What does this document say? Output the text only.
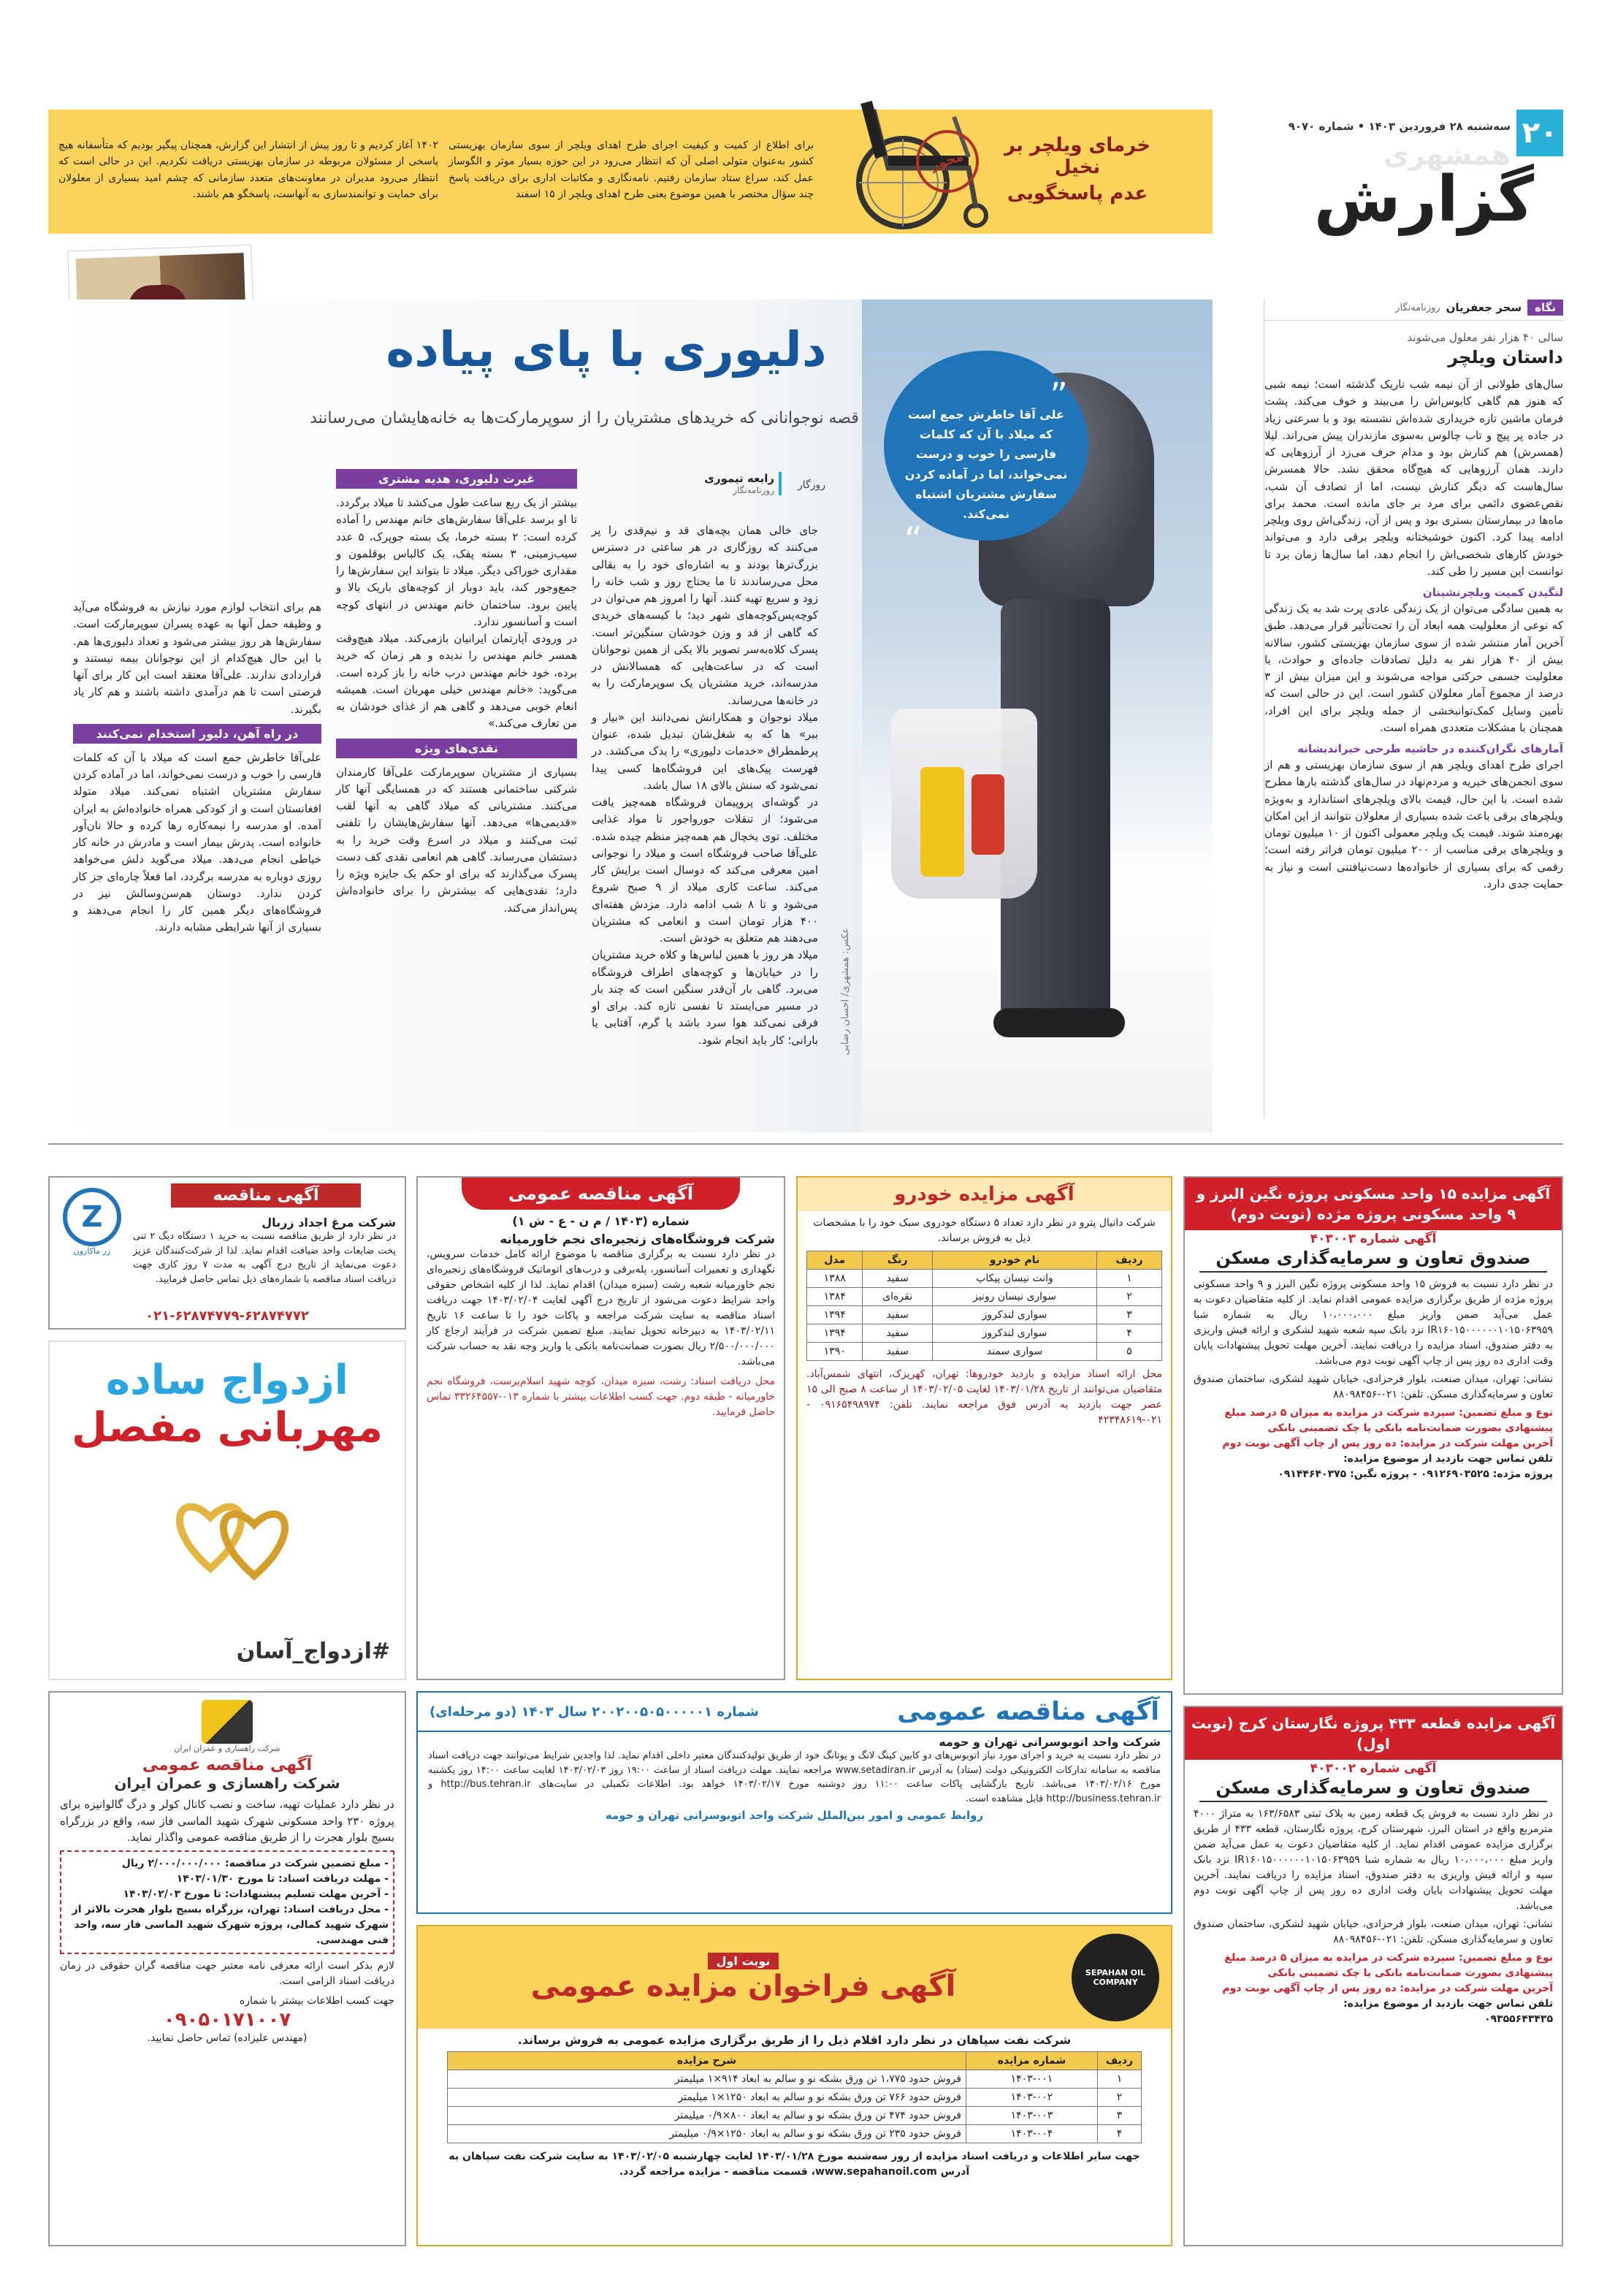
۲۰
سه‌شنبه ۲۸ فروردین ۱۴۰۳ • شماره ۹۰۷۰
همشهری
گزارش

۱۴۰۲ آغاز کردیم و تا روز پیش از انتشار این گزارش، همچنان پیگیر بودیم که متأسفانه هیچ پاسخی از مسئولان مربوطه در سازمان بهزیستی دریافت نکردیم. این در حالی است که انتظار می‌رود مدیران در معاونت‌های متعدد سازمانی که چشم امید بسیاری از معلولان برای حمایت و توانمندسازی به آنهاست، پاسخگو هم باشند.

برای اطلاع از کمیت و کیفیت اجرای طرح اهدای ویلچر از سوی سازمان بهزیستی کشور به‌عنوان متولی اصلی آن که انتظار می‌رود در این حوزه بسیار موثر و الگوساز عمل کند، سراغ ستاد سازمان رفتیم. نامه‌نگاری و مکاتبات اداری برای دریافت پاسخ چند سؤال مختصر با همین موضوع یعنی طرح اهدای ویلچر از ۱۵ اسفند

خرمای ویلچر بر نخیل
عدم پاسخگویی
محور
عکس: همشهری/ احسان رضایی
”

علی آقا خاطرش جمع است که میلاد با آن که کلمات فارسی را خوب و درست نمی‌خواند، اما در آماده کردن سفارش مشتریان اشتباه نمی‌کند.

“
دلیوری با پای پیاده
قصه نوجوانانی که خریدهای مشتریان را از سوپرمارکت‌ها به خانه‌هایشان می‌رسانند
روزگار
رابعه تیموری
روزنامه‌نگار

جای خالی همان بچه‌های قد و نیم‌قدی را پر می‌کنند که روزگاری در هر ساعتی در دسترس بزرگ‌ترها بودند و به اشاره‌ای خود را به بقالی محل می‌رساندند تا ما‌ یحتاج روز و شب خانه را زود و سریع تهیه کنند. آنها را امروز هم می‌توان در کوچه‌پس‌کوچه‌های شهر دید؛ با کیسه‌های خریدی که گاهی از قد و وزن خودشان سنگین‌تر است. پسرک کلاه‌به‌سر تصویر بالا یکی از همین نوجوانان است که در ساعت‌هایی که همسالانش در مدرسه‌اند، خرید مشتریان یک سوپرمارکت را به در خانه‌ها می‌رساند.

میلاد نوجوان و همکارانش نمی‌دانند این «بیار و ببر» ها که به شغل‌شان تبدیل شده، عنوان پرطمطراق «خدمات دلیوری» را یدک می‌کشد. در فهرست پیک‌های این فروشگاه‌ها کسی پیدا نمی‌شود که سنش بالای ۱۸ سال باشد.

در گوشه‌ای پروپیمان فروشگاه همه‌چیز یافت می‌شود؛ از تنقلات جورواجور تا مواد غذایی مختلف. توی یخچال هم همه‌چیز منظم چیده شده. علی‌آقا صاحب فروشگاه است و میلاد را نوجوانی امین معرفی می‌کند که دوسال است برایش کار می‌کند. ساعت کاری میلاد از ۹ صبح شروع می‌شود و تا ۸ شب ادامه دارد. مزدش هفته‌ای ۴۰۰ هزار تومان است و انعامی که مشتریان می‌دهند هم متعلق به خودش است.

میلاد هر روز با همین لباس‌ها و کلاه خرید مشتریان را در خیابان‌ها و کوچه‌های اطراف فروشگاه می‌برد. گاهی بار آن‌قدر سنگین است که چند بار در مسیر می‌ایستد تا نفسی تازه کند. برای او فرقی نمی‌کند هوا سرد باشد یا گرم، آفتابی یا بارانی؛ کار باید انجام شود.

غیرت دلیوری، هدیه مشتری

بیشتر از یک ربع ساعت طول می‌کشد تا میلاد برگردد. تا او برسد علی‌آقا سفارش‌های خانم مهندس را آماده کرده است: ۲ بسته خرما، یک بسته جوپرک، ۵ عدد سیب‌زمینی، ۳ بسته پفک، یک کالباس بوقلمون و مقداری خوراکی دیگر. میلاد تا بتواند این سفارش‌ها را جمع‌وجور کند، باید دوبار از کوچه‌های باریک بالا و پایین برود. ساختمان خانم مهندس در انتهای کوچه است و آسانسور ندارد.

در ورودی آپارتمان ایرانیان بازمی‌کند. میلاد هیچ‌وقت همسر خانم مهندس را ندیده و هر زمان که خرید برده، خود خانم مهندس درب خانه را باز کرده است. می‌گوید: «خانم مهندس خیلی مهربان است. همیشه انعام خوبی می‌دهد و گاهی هم از غذای خودشان به من تعارف می‌کند.»

نقدی‌های ویژه

بسیاری از مشتریان سوپرمارکت علی‌آقا کارمندان شرکتی ساختمانی هستند که در همسایگی آنها کار می‌کنند. مشتریانی که میلاد گاهی به آنها لقب «قدیمی‌ها» می‌دهد. آنها سفارش‌هایشان را تلفنی ثبت می‌کنند و میلاد در اسرع وقت خرید را به دستشان می‌رساند. گاهی هم انعامی نقدی کف دست پسرک می‌گذارند که برای او حکم یک جایزه ویژه را دارد؛ نقدی‌هایی که بیشترش را برای خانواده‌اش پس‌انداز می‌کند.

هم برای انتخاب لوازم مورد نیازش به فروشگاه می‌آید و وظیفه حمل آنها به عهده پسران سوپرمارکت است. سفارش‌ها هر روز بیشتر می‌شود و تعداد دلیوری‌ها هم. با این حال هیچ‌کدام از این نوجوانان بیمه نیستند و قراردادی ندارند. علی‌آقا معتقد است این کار برای آنها فرصتی است تا هم درآمدی داشته باشند و هم کار یاد بگیرند.

در راه آهن، دلیور استخدام نمی‌کنند

علی‌آقا خاطرش جمع است که میلاد با آن که کلمات فارسی را خوب و درست نمی‌خواند، اما در آماده کردن سفارش مشتریان اشتباه نمی‌کند. میلاد متولد افغانستان است و از کودکی همراه خانواده‌اش به ایران آمده. او مدرسه را نیمه‌کاره رها کرده و حالا نان‌آور خانواده است. پدرش بیمار است و مادرش در خانه کار خیاطی انجام می‌دهد. میلاد می‌گوید دلش می‌خواهد روزی دوباره به مدرسه برگردد، اما فعلاً چاره‌ای جز کار کردن ندارد. دوستان هم‌سن‌وسالش نیز در فروشگاه‌های دیگر همین کار را انجام می‌دهند و بسیاری از آنها شرایطی مشابه دارند.

نگاه
سحر جعفریان
روزنامه‌نگار
سالی ۴۰ هزار نفر معلول می‌شوند
داستان ویلچر

سال‌های طولانی از آن نیمه شب تاریک گذشته است؛ نیمه شبی که هنوز هم گاهی کابوس‌اش را می‌بیند و خوف می‌کند. پشت فرمان ماشین تازه خریداری شده‌اش نشسته بود و با سرعتی زیاد در جاده پر پیچ و تاب چالوس به‌سوی مازندران پیش می‌راند. لیلا (همسرش) هم کنارش بود و مدام حرف می‌زد از آرزوهایی که دارند. همان آرزوهایی که هیچ‌گاه محقق نشد. حالا همسرش سال‌هاست که دیگر کنارش نیست، اما از تصادف آن شب، نقص‌عضوی دائمی برای مرد بر جای مانده است. محمد برای ماه‌ها در بیمارستان بستری بود و پس از آن، زندگی‌اش روی ویلچر ادامه پیدا کرد. اکنون خوشبختانه ویلچر برقی دارد و می‌تواند خودش کارهای شخصی‌اش را انجام دهد، اما سال‌ها زمان برد تا توانست این مسیر را طی کند.

لنگیدن کمیت ویلچرنشینان

به همین سادگی می‌توان از یک زندگی عادی پرت شد به یک زندگی که نوعی از معلولیت همه ابعاد آن را تحت‌تأثیر قرار می‌دهد. طبق آخرین آمار منتشر شده از سوی سازمان بهزیستی کشور، سالانه بیش از ۴۰ هزار نفر به دلیل تصادفات جاده‌ای و حوادث، با معلولیت جسمی حرکتی مواجه می‌شوند و این میزان بیش از ۳ درصد از مجموع آمار معلولان کشور است. این در حالی است که تأمین وسایل کمک‌توانبخشی از جمله ویلچر برای این افراد، همچنان با مشکلات متعددی همراه است.

آمارهای نگران‌کننده در حاشیه طرحی خیراندیشانه

اجرای طرح اهدای ویلچر هم از سوی سازمان بهزیستی و هم از سوی انجمن‌های خیریه و مردم‌نهاد در سال‌های گذشته بارها مطرح شده است. با این حال، قیمت بالای ویلچرهای استاندارد و به‌ویژه ویلچرهای برقی باعث شده بسیاری از معلولان نتوانند از این امکان بهره‌مند شوند. قیمت یک ویلچر معمولی اکنون از ۱۰ میلیون تومان و ویلچرهای برقی مناسب از ۲۰۰ میلیون تومان فراتر رفته است؛ رقمی که برای بسیاری از خانواده‌ها دست‌نیافتنی است و نیاز به حمایت جدی دارد.

آگهی مزایده ۱۵ واحد مسکونی پروژه نگین البرز و ۹ واحد مسکونی پروژه مژده (نوبت دوم)
آگهی شماره ۴۰۳۰۰۳
صندوق تعاون و سرمایه‌گذاری مسکن

در نظر دارد نسبت به فروش ۱۵ واحد مسکونی پروژه نگین البرز و ۹ واحد مسکونی پروژه مژده از طریق برگزاری مزایده عمومی اقدام نماید. از کلیه متقاضیان دعوت به عمل می‌آید ضمن واریز مبلغ ۱۰،۰۰۰،۰۰۰ ریال به شماره شبا IR۱۶۰۱۵۰۰۰۰۰۰۱۰۱۵۰۶۳۹۵۹ نزد بانک سپه شعبه شهید لشکری و ارائه فیش واریزی به دفتر صندوق، اسناد مزایده را دریافت نمایند. آخرین مهلت تحویل پیشنهادات پایان وقت اداری ده روز پس از چاپ آگهی نوبت دوم می‌باشد.

نشانی: تهران، میدان صنعت، بلوار فرحزادی، خیابان شهید لشکری، ساختمان صندوق تعاون و سرمایه‌گذاری مسکن. تلفن: ۰۲۱-۸۸۰۹۸۴۵۶

نوع و مبلغ تضمین: سپرده شرکت در مزایده به میزان ۵ درصد مبلغ پیشنهادی بصورت ضمانت‌نامه بانکی یا چک تضمینی بانکی

آخرین مهلت شرکت در مزایده: ده روز پس از چاپ آگهی نوبت دوم

تلفن تماس جهت بازدید از موضوع مزایده:

پروژه مژده: ۰۹۱۲۶۹۰۳۵۲۵ - پروژه نگین: ۰۹۱۴۴۶۴۰۳۷۵

آگهی مزایده قطعه ۴۳۳ پروژه نگارستان کرج (نوبت اول)
آگهی شماره ۴۰۳۰۰۲
صندوق تعاون و سرمایه‌گذاری مسکن

در نظر دارد نسبت به فروش یک قطعه زمین به پلاک ثبتی ۱۶۳/۶۵۸۳ به متراژ ۴۰۰۰ مترمربع واقع در استان البرز، شهرستان کرج، پروژه نگارستان، قطعه ۴۳۳ از طریق برگزاری مزایده عمومی اقدام نماید. از کلیه متقاضیان دعوت به عمل می‌آید ضمن واریز مبلغ ۱۰،۰۰۰،۰۰۰ ریال به شماره شبا IR۱۶۰۱۵۰۰۰۰۰۰۱۰۱۵۰۶۳۹۵۹ نزد بانک سپه و ارائه فیش واریزی به دفتر صندوق، اسناد مزایده را دریافت نمایند. آخرین مهلت تحویل پیشنهادات پایان وقت اداری ده روز پس از چاپ آگهی نوبت دوم می‌باشد.

نشانی: تهران، میدان صنعت، بلوار فرحزادی، خیابان شهید لشکری، ساختمان صندوق تعاون و سرمایه‌گذاری مسکن. تلفن: ۰۲۱-۸۸۰۹۸۴۵۶

نوع و مبلغ تضمین: سپرده شرکت در مزایده به میزان ۵ درصد مبلغ پیشنهادی بصورت ضمانت‌نامه بانکی یا چک تضمینی بانکی

آخرین مهلت شرکت در مزایده: ده روز پس از چاپ آگهی نوبت دوم

تلفن تماس جهت بازدید از موضوع مزایده:

۰۹۳۵۵۶۴۳۴۳۵

آگهی مزایده خودرو

شرکت دانیال پترو در نظر دارد تعداد ۵ دستگاه خودروی سبک خود را با مشخصات ذیل به فروش برساند.

ردیف	نام خودرو	رنگ	مدل
۱	وانت نیسان پیکاپ	سفید	۱۳۸۸
۲	سواری نیسان رونیز	نقره‌ای	۱۳۸۴
۳	سواری لندکروز	سفید	۱۳۹۴
۴	سواری لندکروز	سفید	۱۳۹۴
۵	سواری سمند	سفید	۱۳۹۰

محل ارائه اسناد مزایده و بازدید خودروها: تهران، کهریزک، انتهای شمس‌آباد. متقاضیان می‌توانند از تاریخ ۱۴۰۳/۰۱/۲۸ لغایت ۱۴۰۳/۰۲/۰۵ از ساعت ۸ صبح الی ۱۵ عصر جهت بازدید به آدرس فوق مراجعه نمایند. تلفن: ۰۹۱۶۵۴۹۸۹۷۴ - ۰۲۱-۴۲۳۴۸۶۱۹

آگهی مناقصه عمومی
شماره (۱۴۰۳ / م ن - ع - ش ۱)

شرکت فروشگاه‌های زنجیره‌ای نجم خاورمیانه

در نظر دارد نسبت به برگزاری مناقصه با موضوع ارائه کامل خدمات سرویس، نگهداری و تعمیرات آسانسور، پله‌برقی و درب‌های اتوماتیک فروشگاه‌های زنجیره‌ای نجم خاورمیانه شعبه رشت (سبزه میدان) اقدام نماید. لذا از کلیه اشخاص حقوقی واجد شرایط دعوت می‌شود از تاریخ درج آگهی لغایت ۱۴۰۳/۰۲/۰۴ جهت دریافت اسناد مناقصه به سایت شرکت مراجعه و پاکات خود را تا ساعت ۱۶ تاریخ ۱۴۰۳/۰۲/۱۱ به دبیرخانه تحویل نمایند. مبلغ تضمین شرکت در فرآیند ارجاع کار ۲/۵۰۰/۰۰۰/۰۰۰ ریال بصورت ضمانت‌نامه بانکی یا واریز وجه نقد به حساب شرکت می‌باشد.

محل دریافت اسناد: رشت، سبزه میدان، کوچه شهید اسلام‌پرست، فروشگاه نجم خاورمیانه - طبقه دوم. جهت کسب اطلاعات بیشتر با شماره ۰۱۳-۳۳۲۶۴۵۵۷ تماس حاصل فرمایید.

Z
زر ماکارون
آگهی مناقصه

شرکت مرغ اجداد زربال

در نظر دارد از طریق مناقصه نسبت به خرید ۱ دستگاه دیگ ۲ تنی پخت ضایعات واحد ضیافت اقدام نماید. لذا از شرکت‌کنندگان عزیز دعوت می‌نماید از تاریخ درج آگهی به مدت ۷ روز کاری جهت دریافت اسناد مناقصه با شماره‌های ذیل تماس حاصل فرمایید.

۰۲۱-۶۲۸۷۴۷۷۹-۶۲۸۷۴۷۷۲
ازدواج ساده
مهربانی مفصل
#ازدواج_آسان
آگهی مناقصه عمومی
شماره ۲۰۰۲۰۰۵۰۵۰۰۰۰۰۱ سال ۱۴۰۳ (دو مرحله‌ای)

شرکت واحد اتوبوسرانی تهران و حومه

در نظر دارد نسبت به خرید و اجرای مورد نیاز اتوبوس‌های دو کابین کینگ لانگ و یوتانگ خود از طریق تولیدکنندگان معتبر داخلی اقدام نماید. لذا واجدین شرایط می‌توانند جهت دریافت اسناد مناقصه به سامانه تدارکات الکترونیکی دولت (ستاد) به آدرس www.setadiran.ir مراجعه نمایند. مهلت دریافت اسناد از ساعت ۱۹:۰۰ روز ۱۴۰۳/۰۲/۰۳ لغایت ساعت ۱۴:۰۰ روز یکشنبه مورخ ۱۴۰۳/۰۲/۱۶ می‌باشد. تاریخ بازگشایی پاکات ساعت ۱۱:۰۰ روز دوشنبه مورخ ۱۴۰۳/۰۲/۱۷ خواهد بود. اطلاعات تکمیلی در سایت‌های http://bus.tehran.ir و http://business.tehran.ir قابل مشاهده است.

روابط عمومی و امور بین‌الملل شرکت واحد اتوبوسرانی تهران و حومه

شرکت راهسازی و عمران ایران
آگهی مناقصه عمومی
شرکت راهسازی و عمران ایران

در نظر دارد عملیات تهیه، ساخت و نصب کانال کولر و درگ گالوانیزه برای پروژه ۲۳۰ واحد مسکونی شهرک شهید الماسی فاز سه، واقع در بزرگراه بسیج بلوار هجرت را از طریق مناقصه عمومی واگذار نماید.

- مبلغ تضمین شرکت در مناقصه: ۲/۰۰۰/۰۰۰/۰۰۰ ریال

- مهلت دریافت اسناد: تا مورخ ۱۴۰۳/۰۱/۳۰

- آخرین مهلت تسلیم پیشنهادات: تا مورخ ۱۴۰۳/۰۲/۰۳

- محل دریافت اسناد: تهران، بزرگراه بسیج بلوار هجرت بالاتر از شهرک شهید کمالی، پروژه شهرک شهید الماسی فاز سه، واحد فنی مهندسی.

لازم بذکر است ارائه معرفی نامه معتبر جهت مناقصه گران حقوقی در زمان دریافت اسناد الزامی است.

جهت کسب اطلاعات بیشتر با شماره

۰۹۰۵۰۱۷۱۰۰۷

(مهندس علیزاده) تماس حاصل نمایید.

SEPAHAN OIL COMPANY
نوبت اول
آگهی فراخوان مزایده عمومی

شرکت نفت سپاهان در نظر دارد اقلام ذیل را از طریق برگزاری مزایده عمومی به فروش برساند.

ردیف	شماره مزایده	شرح مزایده
۱	۱۴۰۳-۰۰۱	فروش حدود ۱،۷۷۵ تن ورق بشکه نو و سالم به ابعاد ۹۱۴×۱ میلیمتر
۲	۱۴۰۳-۰۰۲	فروش حدود ۷۶۶ تن ورق بشکه نو و سالم به ابعاد ۱۲۵۰×۱ میلیمتر
۳	۱۴۰۳-۰۰۳	فروش حدود ۴۷۴ تن ورق بشکه نو و سالم به ابعاد ۸۰۰×۰/۹ میلیمتر
۴	۱۴۰۳-۰۰۴	فروش حدود ۲۳۵ تن ورق بشکه نو و سالم به ابعاد ۱۲۵۰×۰/۹ میلیمتر

جهت سایر اطلاعات و دریافت اسناد مزایده از روز سه‌شنبه مورخ ۱۴۰۳/۰۱/۲۸ لغایت چهارشنبه ۱۴۰۳/۰۲/۰۵ به سایت شرکت نفت سپاهان به آدرس www.sepahanoil.com، قسمت مناقصه - مزایده مراجعه گردد.
